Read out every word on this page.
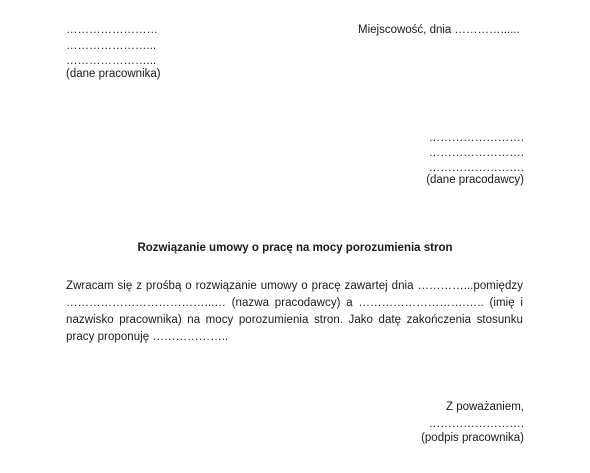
……………………
…………………...
…………………...
(dane pracownika)
Miejscowość, dnia …………......
…………………….
…………………….
…………………….
(dane pracodawcy)
Rozwiązanie umowy o pracę na mocy porozumienia stron
Zwracam się z prośbą o rozwiązanie umowy o pracę zawartej dnia …………...pomiędzy ………………………………...… (nazwa pracodawcy) a ……………………….….. (imię i nazwisko pracownika) na mocy porozumienia stron. Jako datę zakończenia stosunku pracy proponuję ………………..
Z poważaniem,
…………………….
(podpis pracownika)
